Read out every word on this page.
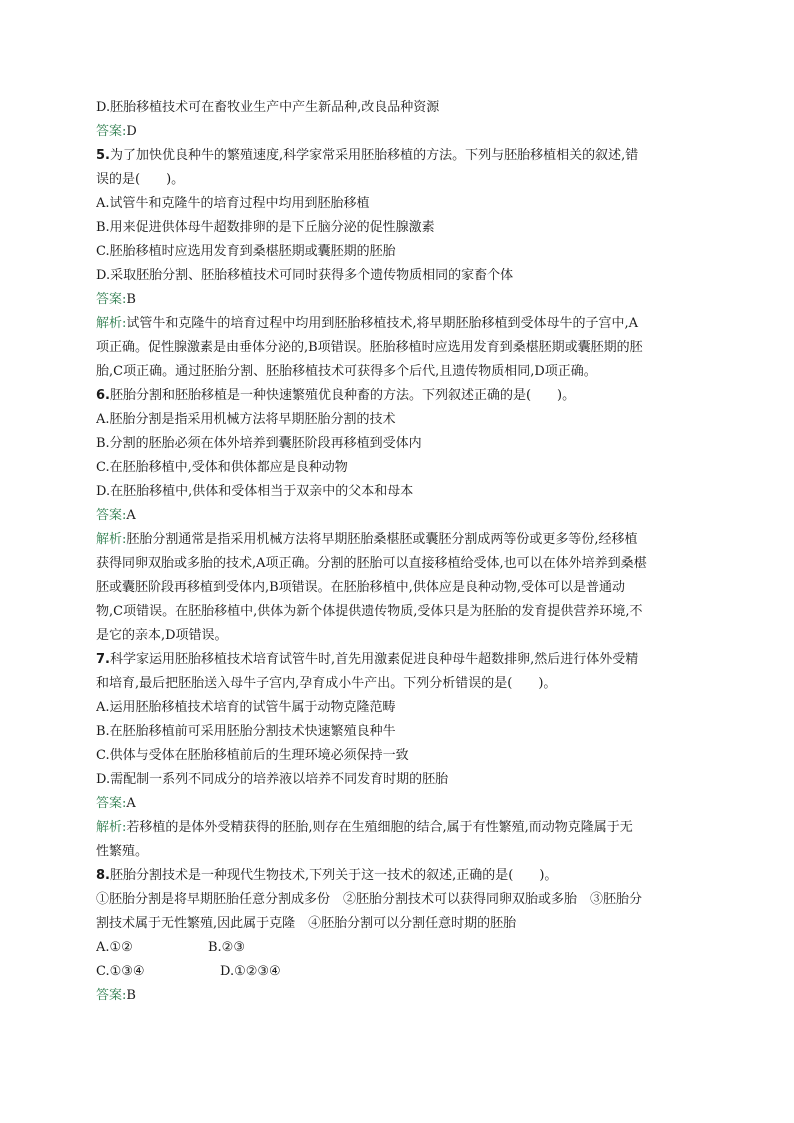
D.胚胎移植技术可在畜牧业生产中产生新品种,改良品种资源
答案:D
5.为了加快优良种牛的繁殖速度,科学家常采用胚胎移植的方法。下列与胚胎移植相关的叙述,错
误的是(　　)。
A.试管牛和克隆牛的培育过程中均用到胚胎移植
B.用来促进供体母牛超数排卵的是下丘脑分泌的促性腺激素
C.胚胎移植时应选用发育到桑椹胚期或囊胚期的胚胎
D.采取胚胎分割、胚胎移植技术可同时获得多个遗传物质相同的家畜个体
答案:B
解析:试管牛和克隆牛的培育过程中均用到胚胎移植技术,将早期胚胎移植到受体母牛的子宫中,A
项正确。促性腺激素是由垂体分泌的,B项错误。胚胎移植时应选用发育到桑椹胚期或囊胚期的胚
胎,C项正确。通过胚胎分割、胚胎移植技术可获得多个后代,且遗传物质相同,D项正确。
6.胚胎分割和胚胎移植是一种快速繁殖优良种畜的方法。下列叙述正确的是(　　)。
A.胚胎分割是指采用机械方法将早期胚胎分割的技术
B.分割的胚胎必须在体外培养到囊胚阶段再移植到受体内
C.在胚胎移植中,受体和供体都应是良种动物
D.在胚胎移植中,供体和受体相当于双亲中的父本和母本
答案:A
解析:胚胎分割通常是指采用机械方法将早期胚胎桑椹胚或囊胚分割成两等份或更多等份,经移植
获得同卵双胎或多胎的技术,A项正确。分割的胚胎可以直接移植给受体,也可以在体外培养到桑椹
胚或囊胚阶段再移植到受体内,B项错误。在胚胎移植中,供体应是良种动物,受体可以是普通动
物,C项错误。在胚胎移植中,供体为新个体提供遗传物质,受体只是为胚胎的发育提供营养环境,不
是它的亲本,D项错误。
7.科学家运用胚胎移植技术培育试管牛时,首先用激素促进良种母牛超数排卵,然后进行体外受精
和培育,最后把胚胎送入母牛子宫内,孕育成小牛产出。下列分析错误的是(　　)。
A.运用胚胎移植技术培育的试管牛属于动物克隆范畴
B.在胚胎移植前可采用胚胎分割技术快速繁殖良种牛
C.供体与受体在胚胎移植前后的生理环境必须保持一致
D.需配制一系列不同成分的培养液以培养不同发育时期的胚胎
答案:A
解析:若移植的是体外受精获得的胚胎,则存在生殖细胞的结合,属于有性繁殖,而动物克隆属于无
性繁殖。
8.胚胎分割技术是一种现代生物技术,下列关于这一技术的叙述,正确的是(　　)。
①胚胎分割是将早期胚胎任意分割成多份　②胚胎分割技术可以获得同卵双胎或多胎　③胚胎分
割技术属于无性繁殖,因此属于克隆　④胚胎分割可以分割任意时期的胚胎
A.①②	B.②③
C.①③④	D.①②③④
答案:B
